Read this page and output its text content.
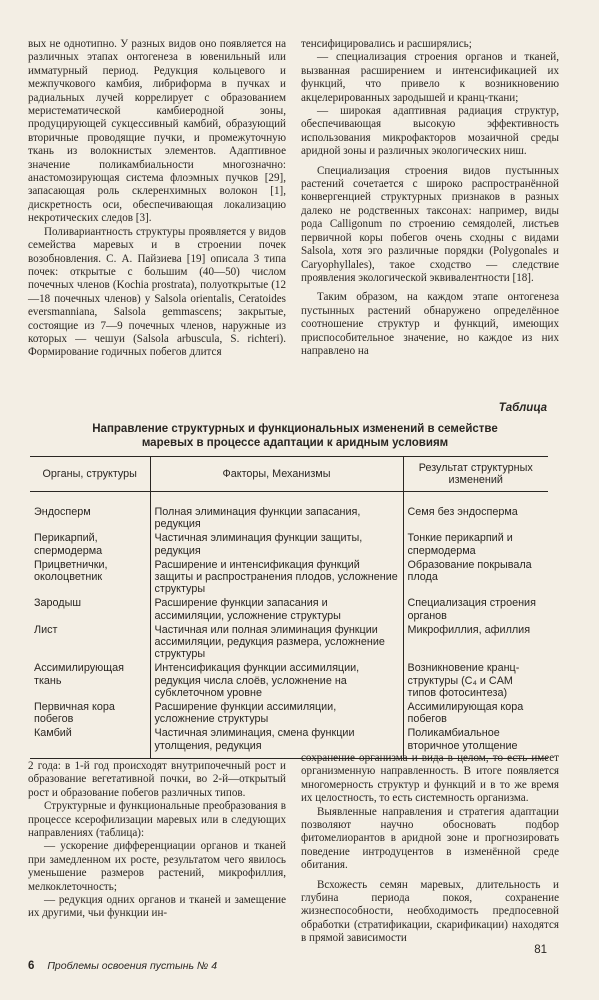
вых не однотипно. У разных видов оно появляется на различных этапах онтогенеза в ювенильный или имматурный период. Редукция кольцевого и межпучкового камбия, либриформа в пучках и радиальных лучей коррелирует с образованием меристематической камбиеродной зоны, продуцирующей сукцессивный камбий, образующий вторичные проводящие пучки, и промежуточную ткань из волокнистых элементов. Адаптивное значение поликамбиальности многозначно: анастомозирующая система флоэмных пучков [29], запасающая роль склеренхимных волокон [1], дискретность оси, обеспечивающая локализацию некротических следов [3].

Поливариантность структуры проявляется у видов семейства маревых и в строении почек возобновления. С. А. Пайзиева [19] описала 3 типа почек: открытые с большим (40—50) числом почечных членов (Kochia prostrata), полуоткрытые (12—18 почечных членов) у Salsola orientalis, Ceratoides eversmanniana, Salsola gemmascens; закрытые, состоящие из 7—9 почечных членов, наружные из которых — чешуи (Salsola arbuscula, S. richteri). Формирование годичных побегов длится

тенсифицировались и расширялись;

— специализация строения органов и тканей, вызванная расширением и интенсификацией их функций, что привело к возникновению акцелерированных зародышей и кранц-ткани;

— широкая адаптивная радиация структур, обеспечивающая высокую эффективность использования микрофакторов мозаичной среды аридной зоны и различных экологических ниш.

Специализация строения видов пустынных растений сочетается с широко распространённой конвергенцией структурных признаков в разных далеко не родственных таксонах: например, виды рода Calligonum по строению семядолей, листьев первичной коры побегов очень сходны с видами Salsola, хотя эго различные порядки (Polygonales и Caryophyllales), такое сходство — следствие проявления экологической эквивалентности [18].

Таким образом, на каждом этапе онтогенеза пустынных растений обнаружено определённое соотношение структур и функций, имеющих приспособительное значение, но каждое из них направлено на

Таблица
Направление структурных и функциональных изменений в семействе
маревых в процессе адаптации к аридным условиям
Органы, структуры	Факторы, Механизмы	Результат структурных изменений
Эндосперм	Полная элиминация функции запасания, редукция	Семя без эндосперма
Перикарпий, спермодерма	Частичная элиминация функции защиты, редукция	Тонкие перикарпий и спермодерма
Прицветнички, околоцветник	Расширение и интенсификация функций защиты и распространения плодов, усложнение структуры	Образование покрывала плода
Зародыш	Расширение функции запасания и ассимиляции, усложнение структуры	Специализация строения органов
Лист	Частичная или полная элиминация функции ассимиляции, редукция размера, усложнение структуры	Микрофиллия, афиллия
Ассимилирующая ткань	Интенсификация функции ассимиляции, редукция числа слоёв, усложнение на субклеточном уровне	Возникновение кранц-структуры (C₄ и CAM типов фотосинтеза)
Первичная кора побегов	Расширение функции ассимиляции, усложнение структуры	Ассимилирующая кора побегов
Камбий	Частичная элиминация, смена функции утолщения, редукция	Поликамбиальное вторичное утолщение

2 года: в 1-й год происходят внутрипочечный рост и образование вегетативной почки, во 2-й—открытый рост и образование побегов различных типов.

Структурные и функциональные преобразования в процессе ксерофилизации маревых или в следующих направлениях (таблица):

— ускорение дифференциации органов и тканей при замедленном их росте, результатом чего явилось уменьшение размеров растений, микрофиллия, мелкоклеточность;

— редукция одних органов и тканей и замещение их другими, чьи функции ин-

сохранение организма и вида в целом, то есть имеет организменную направленность. В итоге появляется многомерность структур и функций и в то же время их целостность, то есть системность организма.

Выявленные направления и стратегия адаптации позволяют научно обосновать подбор фитомелиорантов в аридной зоне и прогнозировать поведение интродуцентов в изменённой среде обитания.

Всхожесть семян маревых, длительность и глубина периода покоя, сохранение жизнеспособности, необходимость предпосевной обработки (стратификации, скарификации) находятся в прямой зависимости

6 Проблемы освоения пустынь № 4
81
